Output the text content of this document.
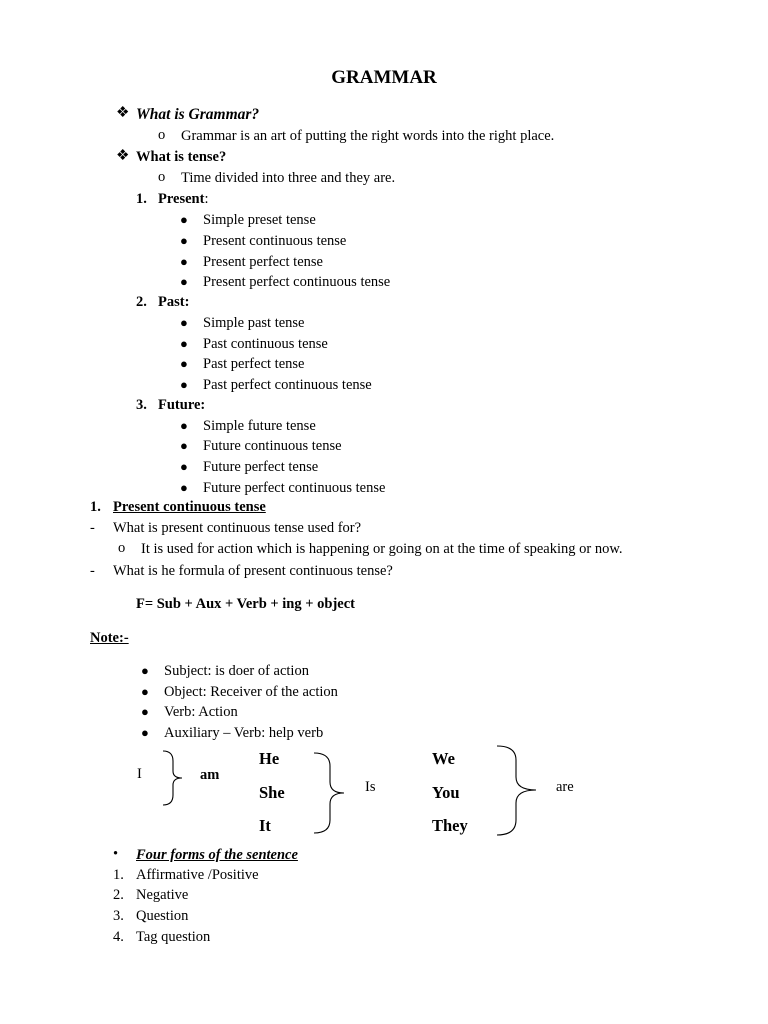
GRAMMAR
❖ What is Grammar?
o Grammar is an art of putting the right words into the right place.
❖ What is tense?
o Time divided into three and they are.
1. Present:
● Simple preset tense
● Present continuous tense
● Present perfect tense
● Present perfect continuous tense
2. Past:
● Simple past tense
● Past continuous tense
● Past perfect tense
● Past perfect continuous tense
3. Future:
● Simple future tense
● Future continuous tense
● Future perfect tense
● Future perfect continuous tense
1. Present continuous tense
- What is present continuous tense used for?
o It is used for action which is happening or going on at the time of speaking or now.
- What is he formula of present continuous tense?
F= Sub + Aux + Verb + ing + object
Note:-
● Subject: is doer of action
● Object: Receiver of the action
● Verb: Action
● Auxiliary – Verb: help verb
I	am
He
She
It
Is
We
You
They
are
• Four forms of the sentence
1. Affirmative /Positive
2. Negative
3. Question
4. Tag question
